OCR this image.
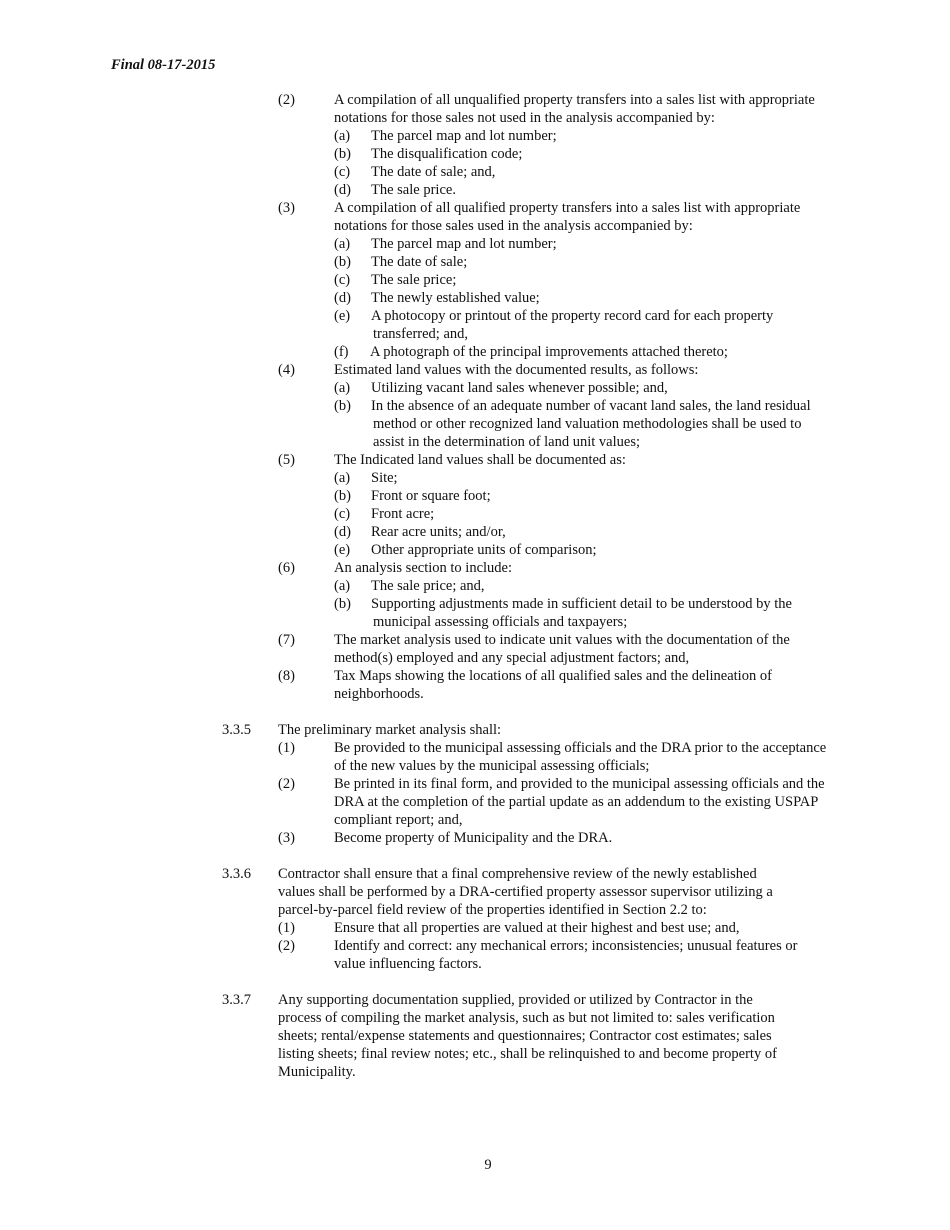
Final 08-17-2015
(2)	A compilation of all unqualified property transfers into a sales list with appropriate
notations for those sales not used in the analysis accompanied by:
(a) The parcel map and lot number;
(b) The disqualification code;
(c) The date of sale; and,
(d) The sale price.
(3)	A compilation of all qualified property transfers into a sales list with appropriate
notations for those sales used in the analysis accompanied by:
(a) The parcel map and lot number;
(b) The date of sale;
(c) The sale price;
(d) The newly established value;
(e) A photocopy or printout of the property record card for each property
transferred; and,
(f) A photograph of the principal improvements attached thereto;
(4)	Estimated land values with the documented results, as follows:
(a) Utilizing vacant land sales whenever possible; and,
(b) In the absence of an adequate number of vacant land sales, the land residual
method or other recognized land valuation methodologies shall be used to
assist in the determination of land unit values;
(5)	The Indicated land values shall be documented as:
(a) Site;
(b) Front or square foot;
(c) Front acre;
(d) Rear acre units; and/or,
(e) Other appropriate units of comparison;
(6)	An analysis section to include:
(a) The sale price; and,
(b) Supporting adjustments made in sufficient detail to be understood by the
municipal assessing officials and taxpayers;
(7)	The market analysis used to indicate unit values with the documentation of the
method(s) employed and any special adjustment factors; and,
(8)	Tax Maps showing the locations of all qualified sales and the delineation of
neighborhoods.
3.3.5 The preliminary market analysis shall:
(1)	Be provided to the municipal assessing officials and the DRA prior to the acceptance
of the new values by the municipal assessing officials;
(2)	Be printed in its final form, and provided to the municipal assessing officials and the
DRA at the completion of the partial update as an addendum to the existing USPAP
compliant report; and,
(3)	Become property of Municipality and the DRA.
3.3.6 Contractor shall ensure that a final comprehensive review of the newly established
values shall be performed by a DRA-certified property assessor supervisor utilizing a
parcel-by-parcel field review of the properties identified in Section 2.2 to:
(1)	Ensure that all properties are valued at their highest and best use; and,
(2)	Identify and correct: any mechanical errors; inconsistencies; unusual features or
value influencing factors.
3.3.7 Any supporting documentation supplied, provided or utilized by Contractor in the
process of compiling the market analysis, such as but not limited to: sales verification
sheets; rental/expense statements and questionnaires; Contractor cost estimates; sales
listing sheets; final review notes; etc., shall be relinquished to and become property of
Municipality.
9
